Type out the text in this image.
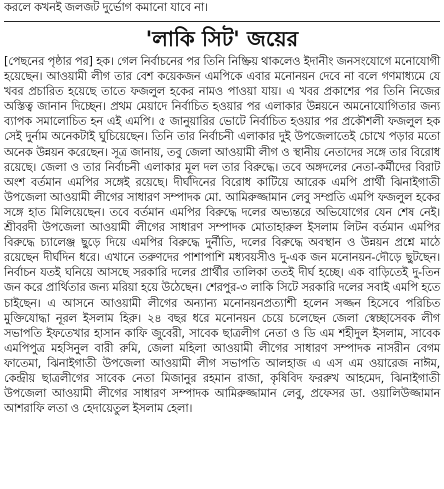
করলে কখনই জলজট দুর্ভোগ কমানো যাবে না।

'লাকি সিট' জয়ের

[পেছনের পৃষ্ঠার পর] হক। গেল নির্বাচনের পর তিনি নিষ্ক্রিয় থাকলেও ইদানীং জনসংযোগে মনোযোগী হয়েছেন। আওয়ামী লীগ তার বেশ কয়েকজন এমপিকে এবার মনোনয়ন দেবে না বলে গণমাধ্যমে যে খবর প্রচারিত হয়েছে তাতে ফজলুল হকের নামও পাওয়া যায়। এ খবর প্রকাশের পর তিনি নিজের অস্তিত্ব জানান দিচ্ছেন। প্রথম মেয়াদে নির্বাচিত হওয়ার পর এলাকার উন্নয়নে অমনোযোগিতার জন্য ব্যাপক সমালোচিত হন এই এমপি। ৫ জানুয়ারির ভোটে নির্বাচিত হওয়ার পর প্রকৌশলী ফজলুল হক সেই দুর্নাম অনেকটাই ঘুচিয়েছেন। তিনি তার নির্বাচনী এলাকার দুই উপজেলাতেই চোখে পড়ার মতো অনেক উন্নয়ন করেছেন। সূত্র জানায়, তবু জেলা আওয়ামী লীগ ও স্থানীয় নেতাদের সঙ্গে তার বিরোধ রয়েছে। জেলা ও তার নির্বাচনী এলাকার মূল দল তার বিরুদ্ধে। তবে অঙ্গদলের নেতা-কর্মীদের বিরাট অংশ বর্তমান এমপির সঙ্গেই রয়েছে। দীর্ঘদিনের বিরোধ কাটিয়ে আরেক এমপি প্রার্থী ঝিনাইগাতী উপজেলা আওয়ামী লীগের সাধারণ সম্পাদক মো. আমিরুজ্জামান লেবু সম্প্রতি এমপি ফজলুল হকের সঙ্গে হাত মিলিয়েছেন। তবে বর্তমান এমপির বিরুদ্ধে দলের অভ্যন্তরে অভিযোগের যেন শেষ নেই। শ্রীবরদী উপজেলা আওয়ামী লীগের সাধারণ সম্পাদক মোতাহারুল ইসলাম লিটন বর্তমান এমপির বিরুদ্ধে চ্যালেঞ্জ ছুড়ে দিয়ে এমপির বিরুদ্ধে দুর্নীতি, দলের বিরুদ্ধে অবস্থান ও উন্নয়ন প্রশ্নে মাঠে রয়েছেন দীর্ঘদিন ধরে। এখানে তরুণদের পাশাপাশি মধ্যবয়সীও দু-এক জন মনোনয়ন-দৌড়ে ছুটছেন। নির্বাচন যতই ঘনিয়ে আসছে সরকারি দলের প্রার্থীর তালিকা ততই দীর্ঘ হচ্ছে। এক বাড়িতেই দু-তিন জন করে প্রার্থিতার জন্য মরিয়া হয়ে উঠেছেন। শেরপুর-৩ লাকি সিটে সরকারি দলের সবাই এমপি হতে চাইছেন। এ আসনে আওয়ামী লীগের অন্যান্য মনোনয়নপ্রত্যাশী হলেন সজ্জন হিসেবে পরিচিত মুক্তিযোদ্ধা নূরল ইসলাম হিরু। ২৪ বছর ধরে মনোনয়ন চেয়ে চলেছেন জেলা স্বেচ্ছাসেবক লীগ সভাপতি ইফতেখার হাসান কাফি জুবেরী, সাবেক ছাত্রলীগ নেতা ও ডি এম শহীদুল ইসলাম, সাবেক এমপিপুত্র মহসিনুল বারী রুমি, জেলা মহিলা আওয়ামী লীগের সাধারণ সম্পাদক নাসরীন বেগম ফাতেমা, ঝিনাইগাতী উপজেলা আওয়ামী লীগ সভাপতি আলহাজ এ এস এম ওয়ারেজ নাঈম, কেন্দ্রীয় ছাত্রলীগের সাবেক নেতা মিজানুর রহমান রাজা, কৃষিবিদ ফররুখ আহমেদ, ঝিনাইগাতী উপজেলা আওয়ামী লীগের সাধারণ সম্পাদক আমিরুজ্জামান লেবু, প্রফেসর ডা. ওয়ালিউজ্জামান আশরাফি লতা ও হেদায়েতুল ইসলাম হেলা।
